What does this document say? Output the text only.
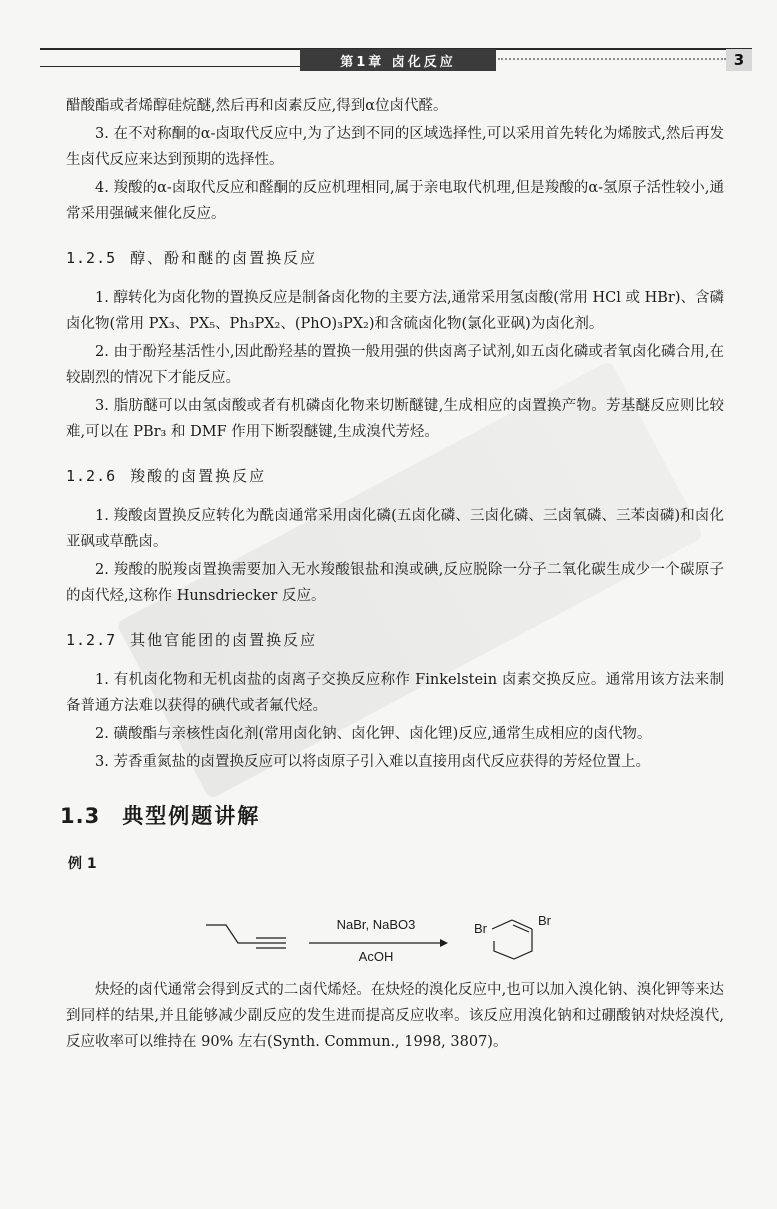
第1章 卤化反应	3

醋酸酯或者烯醇硅烷醚,然后再和卤素反应,得到α位卤代醛。

3. 在不对称酮的α-卤取代反应中,为了达到不同的区域选择性,可以采用首先转化为烯胺式,然后再发生卤代反应来达到预期的选择性。

4. 羧酸的α-卤取代反应和醛酮的反应机理相同,属于亲电取代机理,但是羧酸的α-氢原子活性较小,通常采用强碱来催化反应。

1.2.5 醇、酚和醚的卤置换反应

1. 醇转化为卤化物的置换反应是制备卤化物的主要方法,通常采用氢卤酸(常用 HCl 或 HBr)、含磷卤化物(常用 PX₃、PX₅、Ph₃PX₂、(PhO)₃PX₂)和含硫卤化物(氯化亚砜)为卤化剂。

2. 由于酚羟基活性小,因此酚羟基的置换一般用强的供卤离子试剂,如五卤化磷或者氧卤化磷合用,在较剧烈的情况下才能反应。

3. 脂肪醚可以由氢卤酸或者有机磷卤化物来切断醚键,生成相应的卤置换产物。芳基醚反应则比较难,可以在 PBr₃ 和 DMF 作用下断裂醚键,生成溴代芳烃。

1.2.6 羧酸的卤置换反应

1. 羧酸卤置换反应转化为酰卤通常采用卤化磷(五卤化磷、三卤化磷、三卤氧磷、三苯卤磷)和卤化亚砜或草酰卤。

2. 羧酸的脱羧卤置换需要加入无水羧酸银盐和溴或碘,反应脱除一分子二氧化碳生成少一个碳原子的卤代烃,这称作 Hunsdriecker 反应。

1.2.7 其他官能团的卤置换反应

1. 有机卤化物和无机卤盐的卤离子交换反应称作 Finkelstein 卤素交换反应。通常用该方法来制备普通方法难以获得的碘代或者氟代烃。

2. 磺酸酯与亲核性卤化剂(常用卤化钠、卤化钾、卤化锂)反应,通常生成相应的卤代物。

3. 芳香重氮盐的卤置换反应可以将卤原子引入难以直接用卤代反应获得的芳烃位置上。

1.3 典型例题讲解
例 1
NaBr, NaBO3
AcOH
Br
Br

炔烃的卤代通常会得到反式的二卤代烯烃。在炔烃的溴化反应中,也可以加入溴化钠、溴化钾等来达到同样的结果,并且能够减少副反应的发生进而提高反应收率。该反应用溴化钠和过硼酸钠对炔烃溴代,反应收率可以维持在 90% 左右(Synth. Commun., 1998, 3807)。
